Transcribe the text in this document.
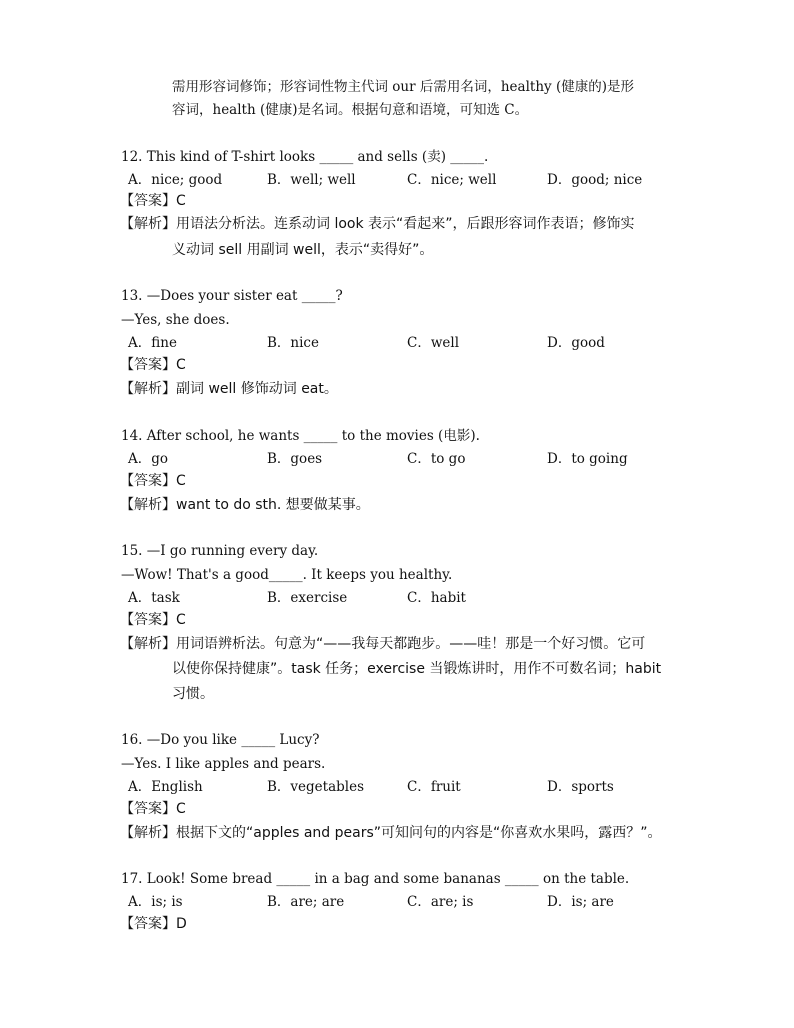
需用形容词修饰；形容词性物主代词 our 后需用名词，healthy (健康的)是形
容词，health (健康)是名词。根据句意和语境，可知选 C。
12. This kind of T-shirt looks _____ and sells (卖) _____.
A．nice; good	B．well; well	C．nice; well	D．good; nice
【答案】C
【解析】用语法分析法。连系动词 look 表示“看起来”，后跟形容词作表语；修饰实
义动词 sell 用副词 well，表示“卖得好”。
13. —Does your sister eat _____?
—Yes, she does.
A．fine	B．nice	C．well	D．good
【答案】C
【解析】副词 well 修饰动词 eat。
14. After school, he wants _____ to the movies (电影).
A．go	B．goes	C．to go	D．to going
【答案】C
【解析】want to do sth. 想要做某事。
15. —I go running every day.
—Wow! That's a good_____. It keeps you healthy.
A．task	B．exercise	C．habit
【答案】C
【解析】用词语辨析法。句意为“——我每天都跑步。——哇！那是一个好习惯。它可
以使你保持健康”。task 任务；exercise 当锻炼讲时，用作不可数名词；habit
习惯。
16. —Do you like _____ Lucy?
—Yes. I like apples and pears.
A．English	B．vegetables	C．fruit	D．sports
【答案】C
【解析】根据下文的“apples and pears”可知问句的内容是“你喜欢水果吗，露西？”。
17. Look! Some bread _____ in a bag and some bananas _____ on the table.
A．is; is	B．are; are	C．are; is	D．is; are
【答案】D
